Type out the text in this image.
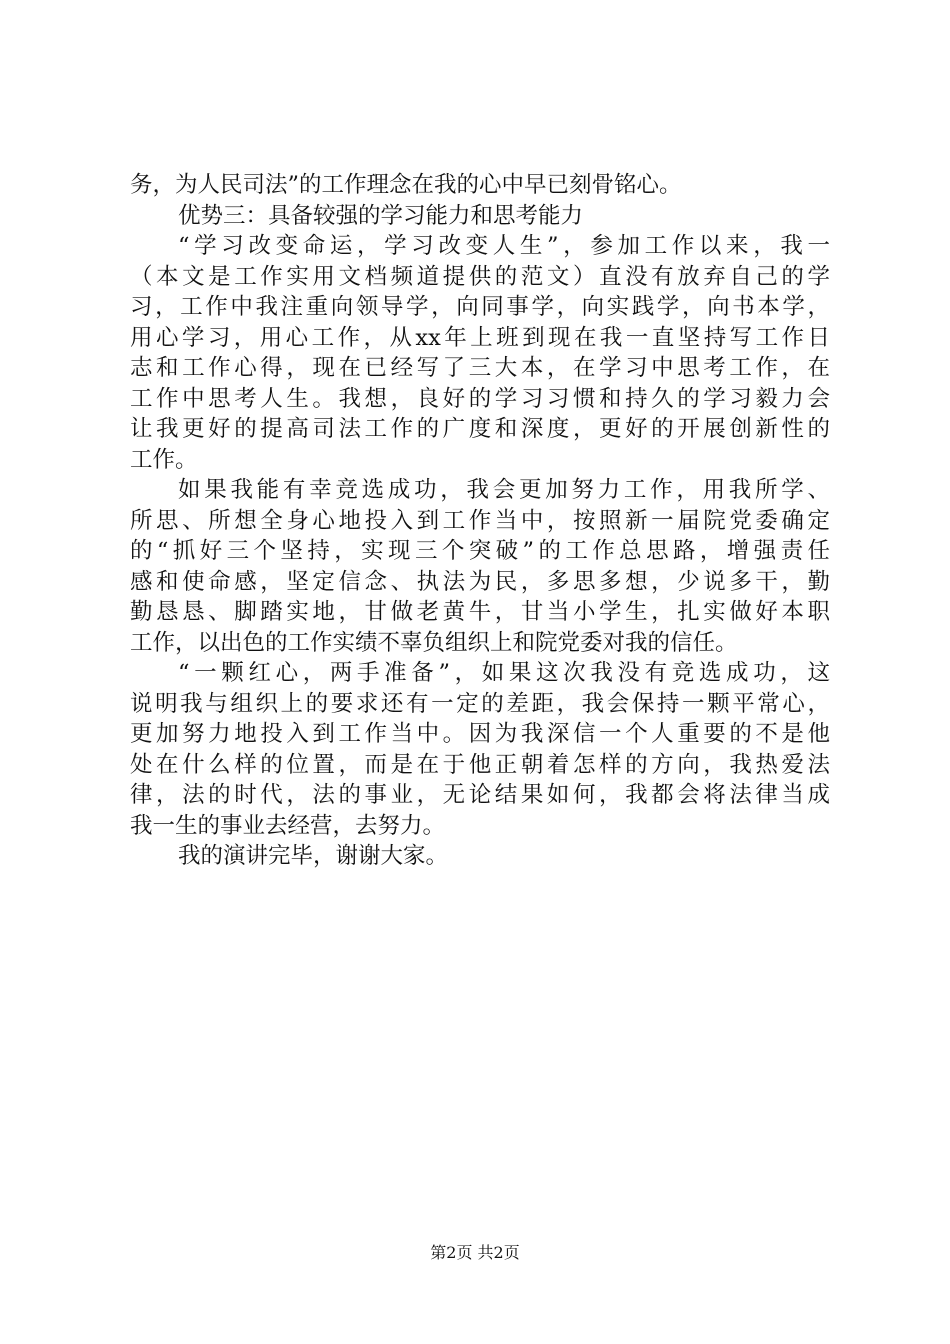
务，为人民司法”的工作理念在我的心中早已刻骨铭心。
优势三：具备较强的学习能力和思考能力
“学习改变命运，学习改变人生”，参加工作以来，我一
（本文是工作实用文档频道提供的范文）直没有放弃自己的学
习，工作中我注重向领导学，向同事学，向实践学，向书本学，
用心学习，用心工作，从xx年上班到现在我一直坚持写工作日
志和工作心得，现在已经写了三大本，在学习中思考工作，在
工作中思考人生。我想，良好的学习习惯和持久的学习毅力会
让我更好的提高司法工作的广度和深度，更好的开展创新性的
工作。
如果我能有幸竞选成功，我会更加努力工作，用我所学、
所思、所想全身心地投入到工作当中，按照新一届院党委确定
的“抓好三个坚持，实现三个突破”的工作总思路，增强责任
感和使命感，坚定信念、执法为民，多思多想，少说多干，勤
勤恳恳、脚踏实地，甘做老黄牛，甘当小学生，扎实做好本职
工作，以出色的工作实绩不辜负组织上和院党委对我的信任。
“一颗红心，两手准备”，如果这次我没有竞选成功，这
说明我与组织上的要求还有一定的差距，我会保持一颗平常心，
更加努力地投入到工作当中。因为我深信一个人重要的不是他
处在什么样的位置，而是在于他正朝着怎样的方向，我热爱法
律，法的时代，法的事业，无论结果如何，我都会将法律当成
我一生的事业去经营，去努力。
我的演讲完毕，谢谢大家。
第2页 共2页
